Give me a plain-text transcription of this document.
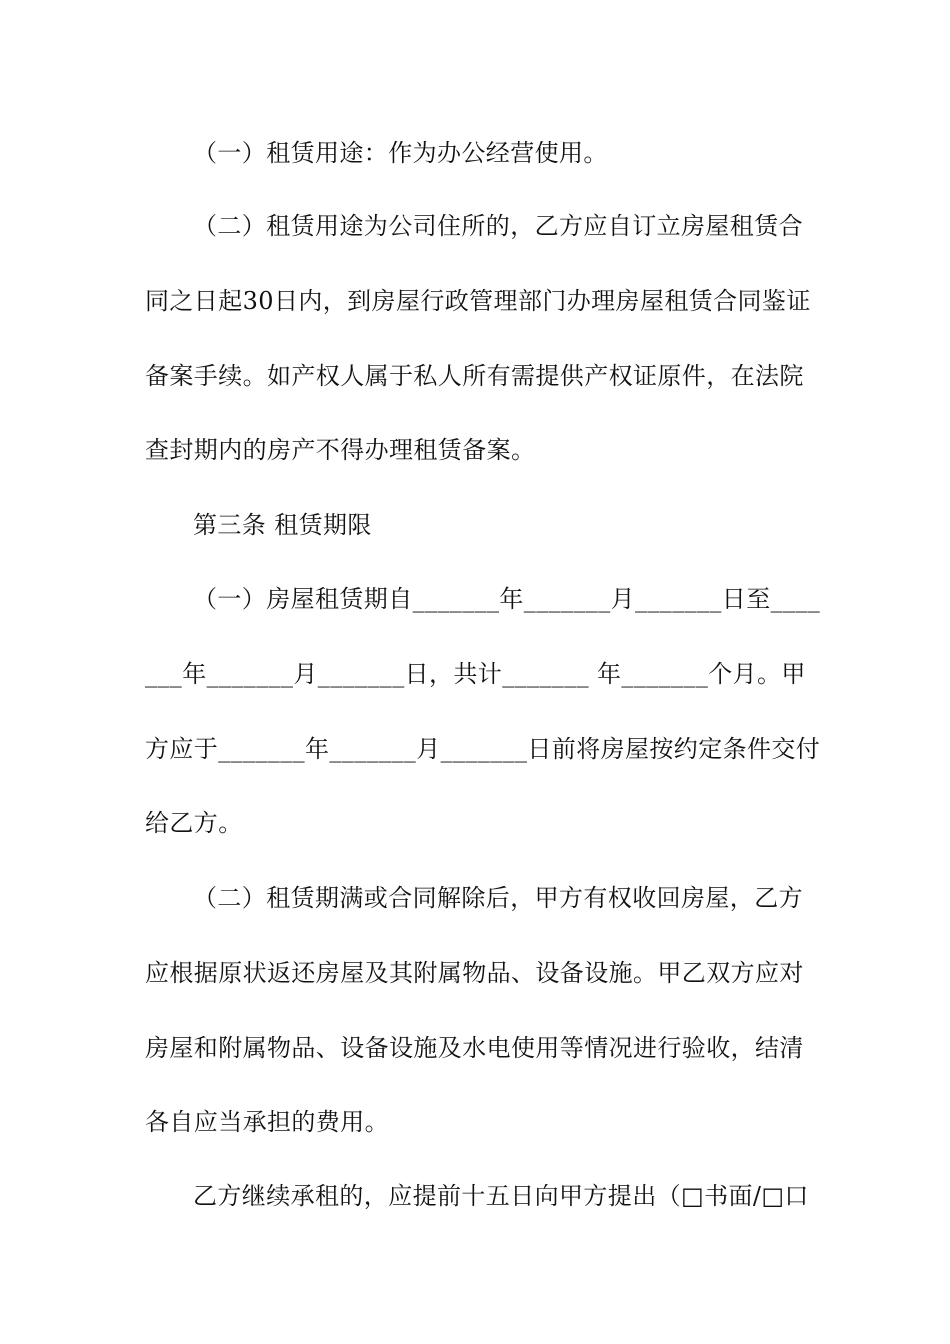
（一）租赁用途：作为办公经营使用。
（二）租赁用途为公司住所的，乙方应自订立房屋租赁合
同之日起30日内，到房屋行政管理部门办理房屋租赁合同鉴证
备案手续。如产权人属于私人所有需提供产权证原件，在法院
查封期内的房产不得办理租赁备案。
第三条 租赁期限
（一）房屋租赁期自_______年_______月_______日至____
___年_______月_______日，共计_______ 年_______个月。甲
方应于_______年_______月_______日前将房屋按约定条件交付
给乙方。
（二）租赁期满或合同解除后，甲方有权收回房屋，乙方
应根据原状返还房屋及其附属物品、设备设施。甲乙双方应对
房屋和附属物品、设备设施及水电使用等情况进行验收，结清
各自应当承担的费用。
乙方继续承租的，应提前十五日向甲方提出（□书面/□口
